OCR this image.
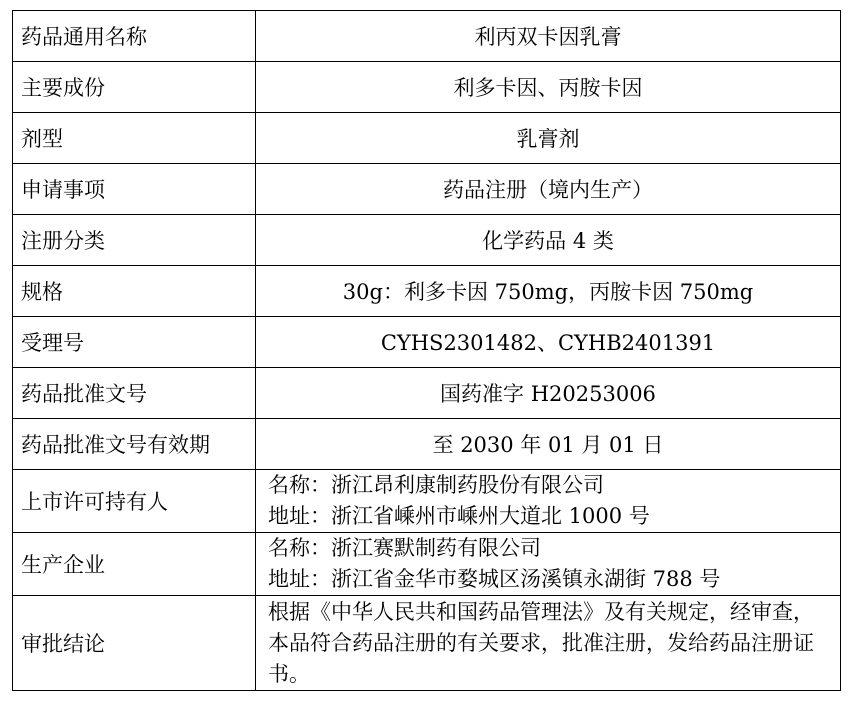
药品通用名称	利丙双卡因乳膏
主要成份	利多卡因、丙胺卡因
剂型	乳膏剂
申请事项	药品注册（境内生产）
注册分类	化学药品 4 类
规格	30g：利多卡因 750mg，丙胺卡因 750mg
受理号	CYHS2301482、CYHB2401391
药品批准文号	国药准字 H20253006
药品批准文号有效期	至 2030 年 01 月 01 日
上市许可持有人	名称：浙江昂利康制药股份有限公司
地址：浙江省嵊州市嵊州大道北 1000 号

生产企业	名称：浙江赛默制药有限公司
地址：浙江省金华市婺城区汤溪镇永湖街 788 号

审批结论	根据《中华人民共和国药品管理法》及有关规定，经审查，本品符合药品注册的有关要求，批准注册，发给药品注册证书。
